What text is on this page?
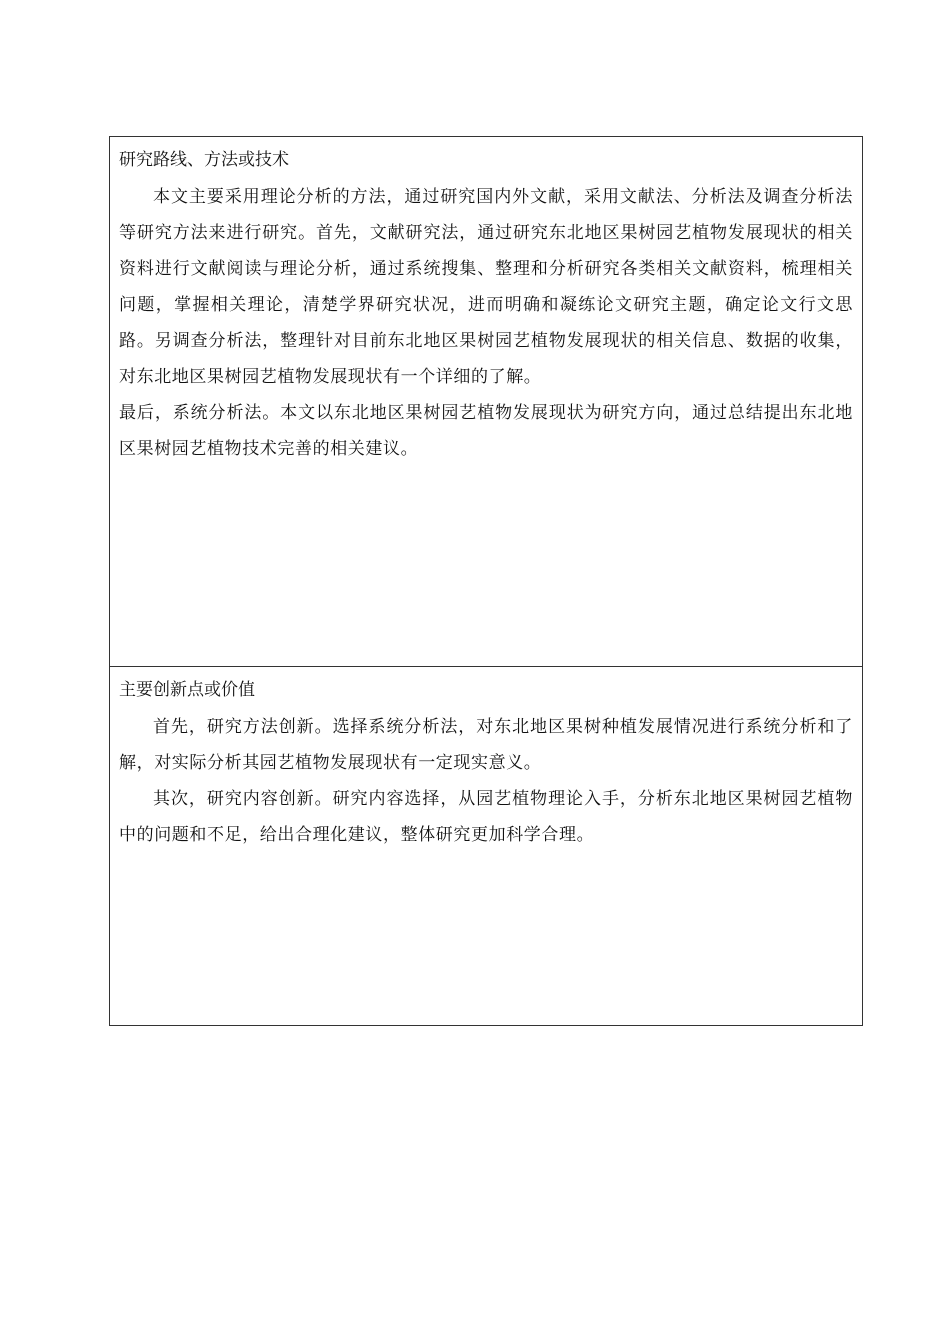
研究路线、方法或技术

本文主要采用理论分析的方法，通过研究国内外文献，采用文献法、分析法及调查分析法等研究方法来进行研究。首先，文献研究法，通过研究东北地区果树园艺植物发展现状的相关资料进行文献阅读与理论分析，通过系统搜集、整理和分析研究各类相关文献资料，梳理相关问题，掌握相关理论，清楚学界研究状况，进而明确和凝练论文研究主题，确定论文行文思路。另调查分析法，整理针对目前东北地区果树园艺植物发展现状的相关信息、数据的收集，对东北地区果树园艺植物发展现状有一个详细的了解。

最后，系统分析法。本文以东北地区果树园艺植物发展现状为研究方向，通过总结提出东北地区果树园艺植物技术完善的相关建议。

主要创新点或价值

首先，研究方法创新。选择系统分析法，对东北地区果树种植发展情况进行系统分析和了解，对实际分析其园艺植物发展现状有一定现实意义。

其次，研究内容创新。研究内容选择，从园艺植物理论入手，分析东北地区果树园艺植物中的问题和不足，给出合理化建议，整体研究更加科学合理。
